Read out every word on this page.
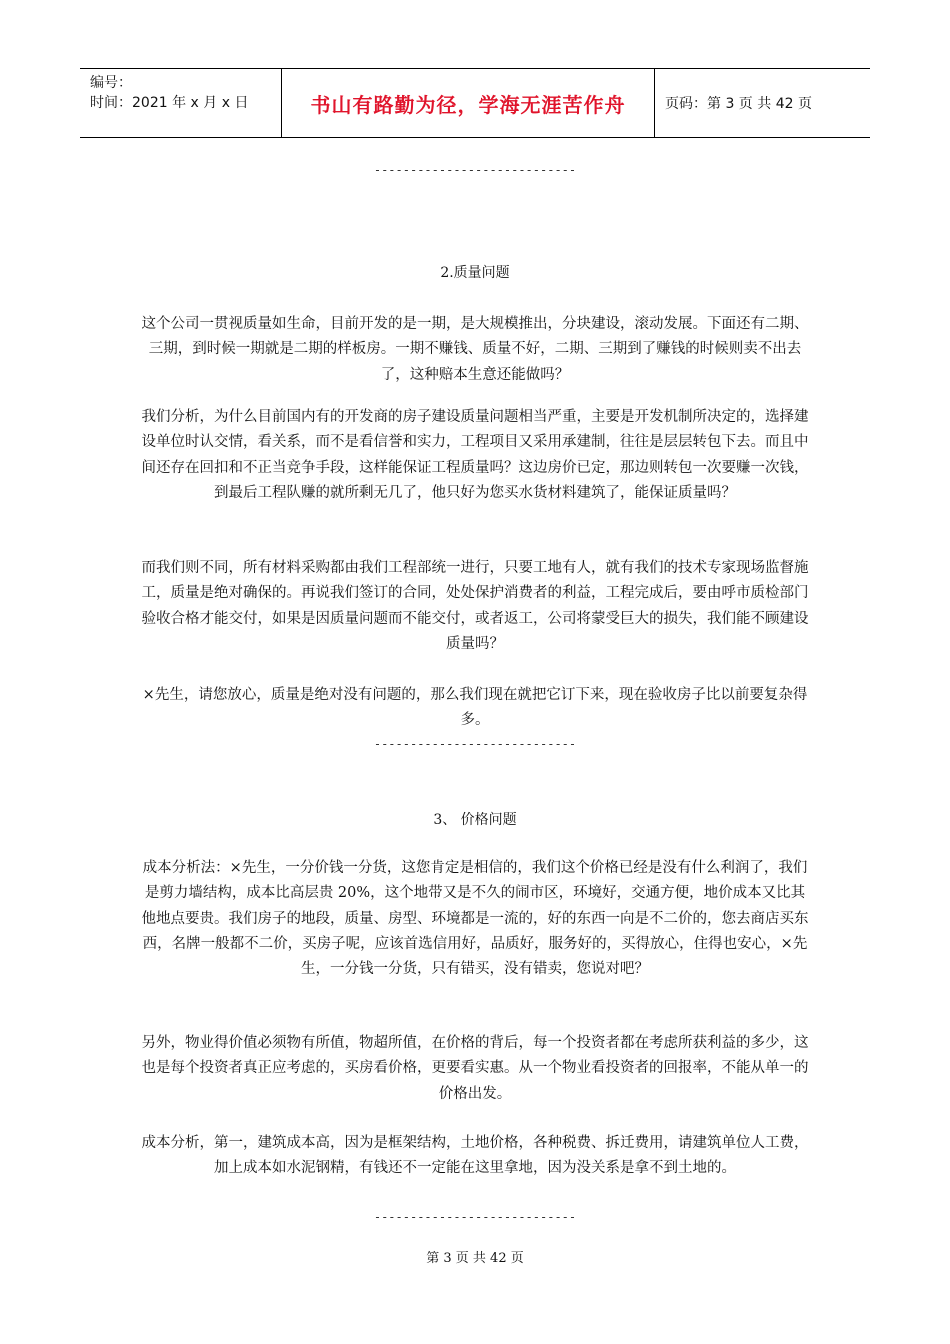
编号：
时间：2021 年 x 月 x 日	书山有路勤为径，学海无涯苦作舟	页码：第 3 页 共 42 页
----------------------------
2.质量问题
这个公司一贯视质量如生命，目前开发的是一期，是大规模推出，分块建设，滚动发展。下面还有二期、三期，到时候一期就是二期的样板房。一期不赚钱、质量不好，二期、三期到了赚钱的时候则卖不出去了，这种赔本生意还能做吗？
我们分析，为什么目前国内有的开发商的房子建设质量问题相当严重，主要是开发机制所决定的，选择建设单位时认交情，看关系，而不是看信誉和实力，工程项目又采用承建制，往往是层层转包下去。而且中间还存在回扣和不正当竞争手段，这样能保证工程质量吗？这边房价已定，那边则转包一次要赚一次钱，到最后工程队赚的就所剩无几了，他只好为您买水货材料建筑了，能保证质量吗？
而我们则不同，所有材料采购都由我们工程部统一进行，只要工地有人，就有我们的技术专家现场监督施工，质量是绝对确保的。再说我们签订的合同，处处保护消费者的利益，工程完成后，要由呼市质检部门验收合格才能交付，如果是因质量问题而不能交付，或者返工，公司将蒙受巨大的损失，我们能不顾建设质量吗？
×先生，请您放心，质量是绝对没有问题的，那么我们现在就把它订下来，现在验收房子比以前要复杂得多。
----------------------------
3、 价格问题
成本分析法：×先生，一分价钱一分货，这您肯定是相信的，我们这个价格已经是没有什么利润了，我们是剪力墙结构，成本比高层贵 20%，这个地带又是不久的闹市区，环境好，交通方便，地价成本又比其他地点要贵。我们房子的地段，质量、房型、环境都是一流的，好的东西一向是不二价的，您去商店买东西，名牌一般都不二价，买房子呢，应该首选信用好，品质好，服务好的，买得放心，住得也安心，×先生，一分钱一分货，只有错买，没有错卖，您说对吧？
另外，物业得价值必须物有所值，物超所值，在价格的背后，每一个投资者都在考虑所获利益的多少，这也是每个投资者真正应考虑的，买房看价格，更要看实惠。从一个物业看投资者的回报率，不能从单一的价格出发。
成本分析，第一，建筑成本高，因为是框架结构，土地价格，各种税费、拆迁费用，请建筑单位人工费，加上成本如水泥钢精，有钱还不一定能在这里拿地，因为没关系是拿不到土地的。
----------------------------
第 3 页 共 42 页
